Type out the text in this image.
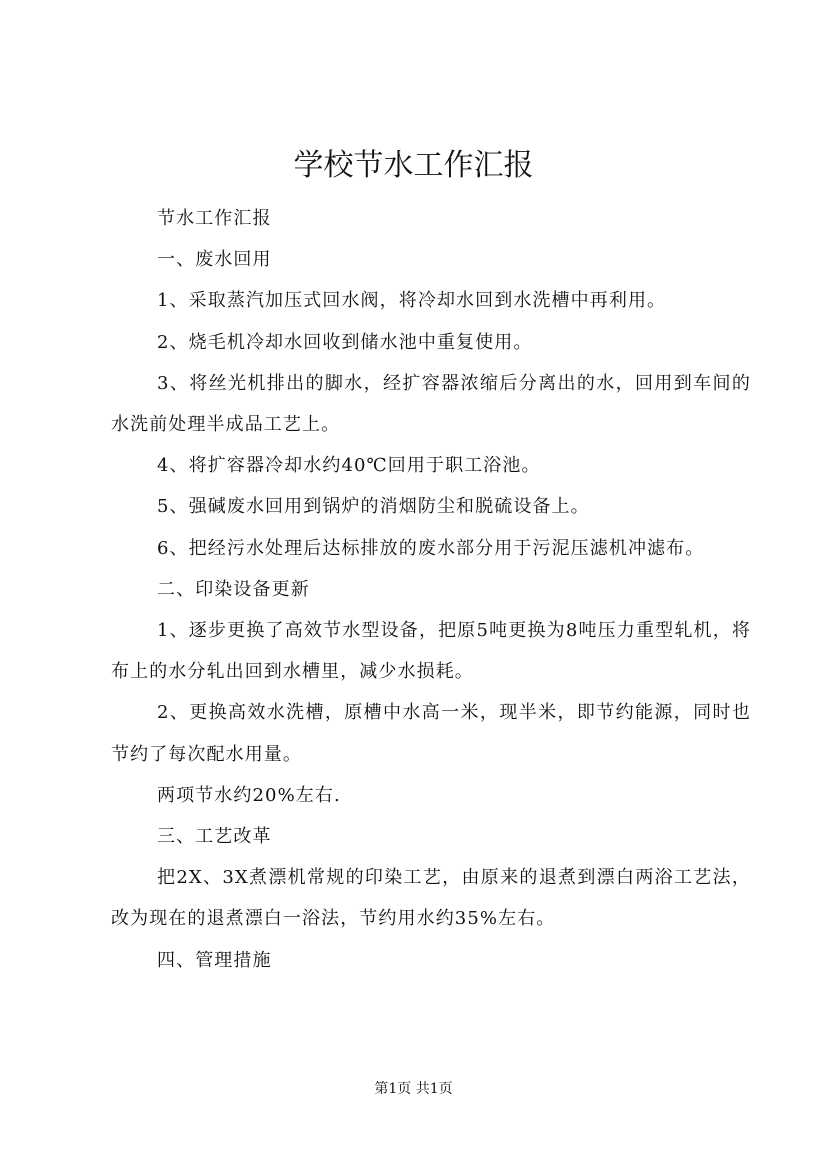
学校节水工作汇报

节水工作汇报

一、废水回用

1、采取蒸汽加压式回水阀，将冷却水回到水洗槽中再利用。

2、烧毛机冷却水回收到储水池中重复使用。

3、将丝光机排出的脚水，经扩容器浓缩后分离出的水，回用到车间的水洗前处理半成品工艺上。

4、将扩容器冷却水约40℃回用于职工浴池。

5、强碱废水回用到锅炉的消烟防尘和脱硫设备上。

6、把经污水处理后达标排放的废水部分用于污泥压滤机冲滤布。

二、印染设备更新

1、逐步更换了高效节水型设备，把原5吨更换为8吨压力重型轧机，将布上的水分轧出回到水槽里，减少水损耗。

2、更换高效水洗槽，原槽中水高一米，现半米，即节约能源，同时也节约了每次配水用量。

两项节水约20%左右.

三、工艺改革

把2X、3X煮漂机常规的印染工艺，由原来的退煮到漂白两浴工艺法，改为现在的退煮漂白一浴法，节约用水约35%左右。

四、管理措施

第1页 共1页
